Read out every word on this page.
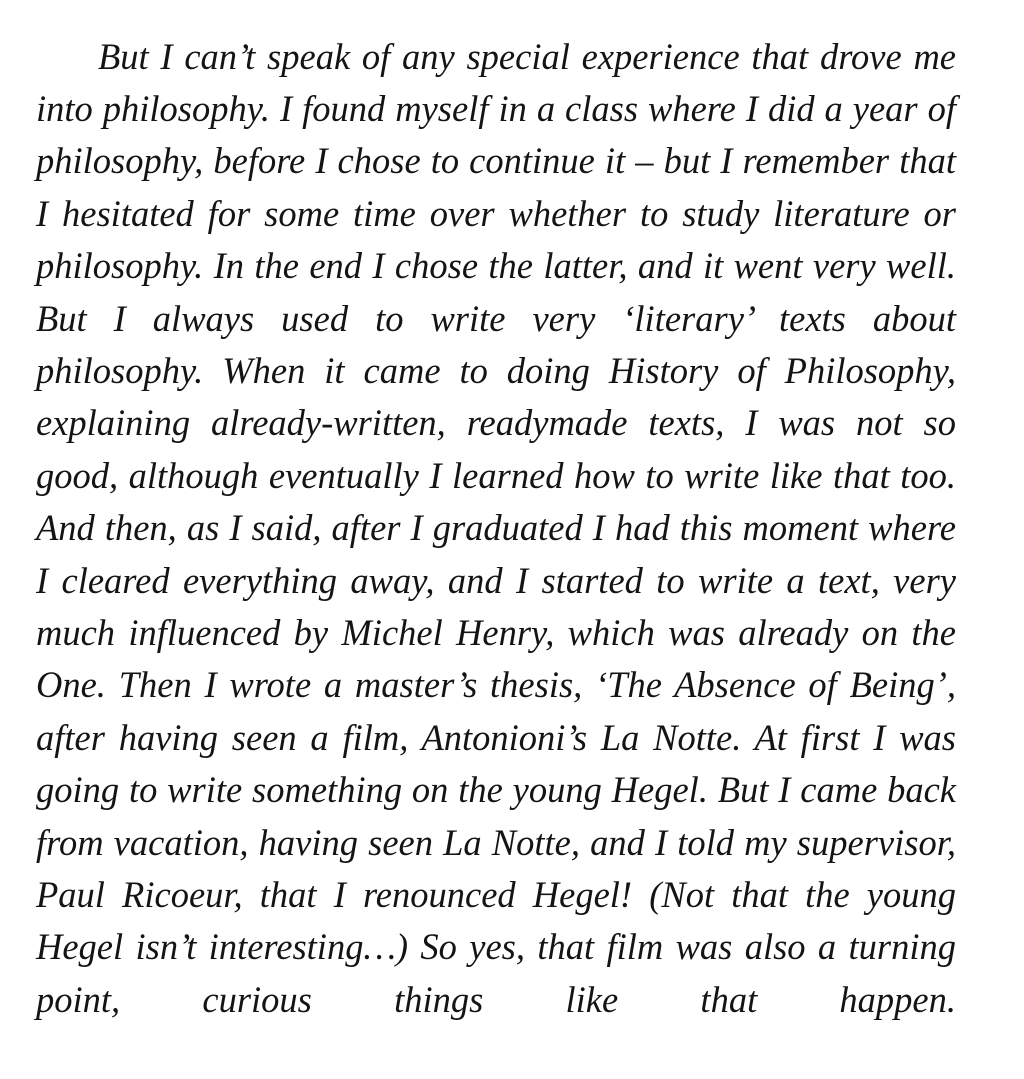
But I can’t speak of any special experience that drove me into philosophy. I found myself in a class where I did a year of philosophy, before I chose to continue it – but I remember that I hesitated for some time over whether to study literature or philosophy. In the end I chose the latter, and it went very well. But I always used to write very ‘literary’ texts about philosophy. When it came to doing History of Philosophy, explaining already-written, readymade texts, I was not so good, although eventually I learned how to write like that too. And then, as I said, after I graduated I had this moment where I cleared everything away, and I started to write a text, very much influenced by Michel Henry, which was already on the One. Then I wrote a master’s thesis, ‘The Absence of Being’, after having seen a film, Antonioni’s La Notte. At first I was going to write something on the young Hegel. But I came back from vacation, having seen La Notte, and I told my supervisor, Paul Ricoeur, that I renounced Hegel! (Not that the young Hegel isn’t interesting…) So yes, that film was also a turning point, curious things like that happen.
